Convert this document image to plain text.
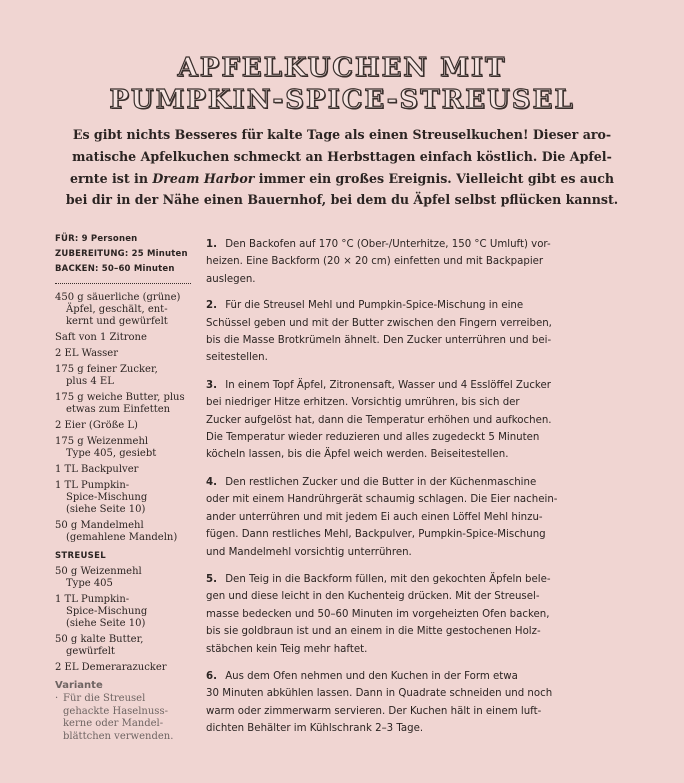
APFELKUCHEN MIT
PUMPKIN-SPICE-STREUSEL
Es gibt nichts Besseres für kalte Tage als einen Streuselkuchen! Dieser aro-
matische Apfelkuchen schmeckt an Herbsttagen einfach köstlich. Die Apfel-
ernte ist in Dream Harbor immer ein großes Ereignis. Vielleicht gibt es auch
bei dir in der Nähe einen Bauernhof, bei dem du Äpfel selbst pflücken kannst.
FÜR: 9 Personen
ZUBEREITUNG: 25 Minuten
BACKEN: 50–60 Minuten
450 g säuerliche (grüne)
Äpfel, geschält, ent-
kernt und gewürfelt
Saft von 1 Zitrone
2 EL Wasser
175 g feiner Zucker,
plus 4 EL
175 g weiche Butter, plus
etwas zum Einfetten
2 Eier (Größe L)
175 g Weizenmehl
Type 405, gesiebt
1 TL Backpulver
1 TL Pumpkin-
Spice-Mischung
(siehe Seite 10)
50 g Mandelmehl
(gemahlene Mandeln)
STREUSEL
50 g Weizenmehl
Type 405
1 TL Pumpkin-
Spice-Mischung
(siehe Seite 10)
50 g kalte Butter,
gewürfelt
2 EL Demerarazucker
Variante
· Für die Streusel
gehackte Haselnuss-
kerne oder Mandel-
blättchen verwenden.
1. Den Backofen auf 170 °C (Ober-/Unterhitze, 150 °C Umluft) vor-
heizen. Eine Backform (20 × 20 cm) einfetten und mit Backpapier
auslegen.
2. Für die Streusel Mehl und Pumpkin-Spice-Mischung in eine
Schüssel geben und mit der Butter zwischen den Fingern verreiben,
bis die Masse Brotkrümeln ähnelt. Den Zucker unterrühren und bei-
seitestellen.
3. In einem Topf Äpfel, Zitronensaft, Wasser und 4 Esslöffel Zucker
bei niedriger Hitze erhitzen. Vorsichtig umrühren, bis sich der
Zucker aufgelöst hat, dann die Temperatur erhöhen und aufkochen.
Die Temperatur wieder reduzieren und alles zugedeckt 5 Minuten
köcheln lassen, bis die Äpfel weich werden. Beiseitestellen.
4. Den restlichen Zucker und die Butter in der Küchenmaschine
oder mit einem Handrührgerät schaumig schlagen. Die Eier nachein-
ander unterrühren und mit jedem Ei auch einen Löffel Mehl hinzu-
fügen. Dann restliches Mehl, Backpulver, Pumpkin-Spice-Mischung
und Mandelmehl vorsichtig unterrühren.
5. Den Teig in die Backform füllen, mit den gekochten Äpfeln bele-
gen und diese leicht in den Kuchenteig drücken. Mit der Streusel-
masse bedecken und 50–60 Minuten im vorgeheizten Ofen backen,
bis sie goldbraun ist und an einem in die Mitte gestochenen Holz-
stäbchen kein Teig mehr haftet.
6. Aus dem Ofen nehmen und den Kuchen in der Form etwa
30 Minuten abkühlen lassen. Dann in Quadrate schneiden und noch
warm oder zimmerwarm servieren. Der Kuchen hält in einem luft-
dichten Behälter im Kühlschrank 2–3 Tage.
